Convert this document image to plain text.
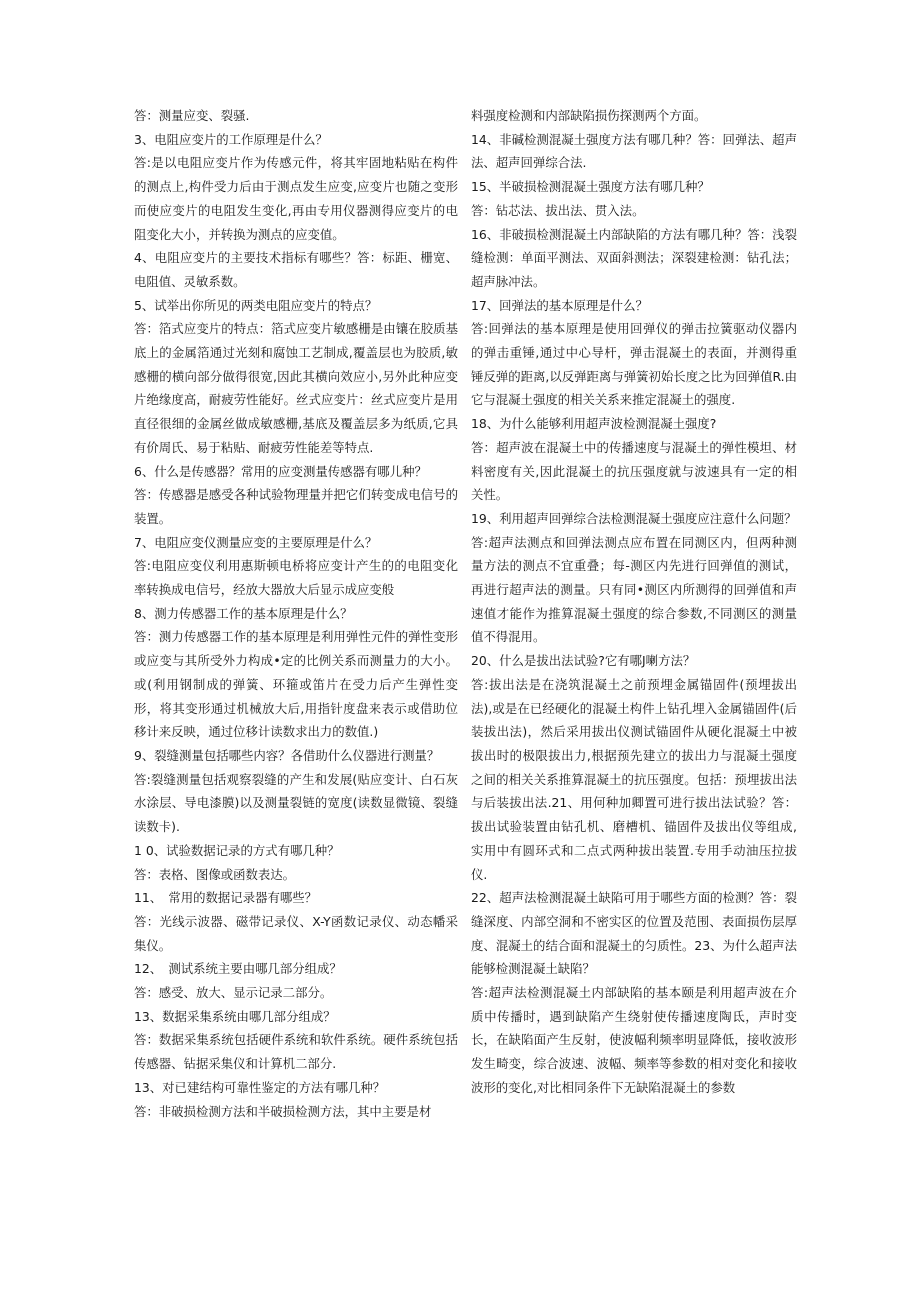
答：测量应变、裂骚.

3、电阻应变片的工作原理是什么？

答:是以电阻应变片作为传感元件，将其牢固地粘贴在构件的测点上,构件受力后由于测点发生应变,应变片也随之变形而使应变片的电阻发生变化,再由专用仪器测得应变片的电阻变化大小，并转换为测点的应变值。

4、电阻应变片的主要技术指标有哪些？答：标距、栅宽、电阻值、灵敏系数。

5、试举出你所见的两类电阻应变片的特点？

答：箔式应变片的特点：箔式应变片敏感栅是由镶在胶质基底上的金属箔通过光刻和腐蚀工艺制成,覆盖层也为胶质,敏感栅的横向部分做得很宽,因此其横向效应小,另外此种应变片绝缘度高，耐疲劳性能好。丝式应变片：丝式应变片是用直径很细的金属丝做成敏感栅,基底及覆盖层多为纸质,它具有价周氏、易于粘贴、耐疲劳性能差等特点.

6、什么是传感器？常用的应变测量传感器有哪儿种？

答：传感器是感受各种试验物理量并把它们转变成电信号的装置。

7、电阻应变仪测量应变的主要原理是什么？

答:电阻应变仪利用惠斯顿电桥将应变计产生的的电阻变化率转换成电信号，经放大器放大后显示成应变般

8、测力传感器工作的基本原理是什么？

答：测力传感器工作的基本原理是利用弹性元件的弹性变形或应变与其所受外力构成•定的比例关系而测量力的大小。或(利用钢制成的弹簧、环箍或笛片在受力后产生弹性变形，将其变形通过机械放大后,用指针度盘来表示或借助位移计来反映，通过位移计读数求出力的数值.)

9、裂缝测量包括哪些内容？各借助什么仪器进行测量？

答:裂缝测量包括观察裂缝的产生和发展(贴应变计、白石灰水涂层、导电漆膜)以及测量裂链的宽度(读数显微镜、裂缝读数卡).

1 0、试验数据记录的方式有哪几种？

答：表格、图像或函数表达。

11、　常用的数据记录器有哪些？

答：光线示波器、磁带记录仪、X-Y函数记录仪、动态幡采集仪。

12、　测试系统主要由哪几部分组成？

答：感受、放大、显示记录二部分。

13、数据采集系统由哪几部分组成？

答：数据采集系统包括硬件系统和软件系统。硬件系统包括传感器、钻据采集仪和计算机二部分.

13、对已建结构可靠性鉴定的方法有哪几种？

答：非破损检测方法和半破损检测方法，其中主要是材

料强度检测和内部缺陷损伤探测两个方面。

14、非碱检测混凝土强度方法有哪几种？答：回弹法、超声法、超声回弹综合法.

15、半破损检测混凝土强度方法有哪几种？

答：钻芯法、拔出法、贯入法。

16、非破损检测混凝土内部缺陷的方法有哪几种？答：浅裂缝检测：单面平测法、双面斜测法；深裂建检测：钻孔法；超声脉冲法。

17、回弹法的基本原理是什么？

答:回弹法的基本原理是使用回弹仪的弹击拉簧驱动仪器内的弹击重锤,通过中心导杆，弹击混凝土的表面，并测得重锤反弹的距离,以反弹距离与弹簧初始长度之比为回弹值R.由它与混凝土强度的相关关系来推定混凝土的强度.

18、为什么能够利用超声波检测混凝土强度?

答：超声波在混凝土中的传播速度与混凝土的弹性模坦、材料密度有关,因此混凝土的抗压强度就与波速具有一定的相关性。

19、利用超声回弹综合法检测混凝土强度应注意什么问题？

答:超声法测点和回弹法测点应布置在同测区内，但两种测量方法的测点不宜重叠；每-测区内先进行回弹值的测试，再进行超声法的测量。只有同•测区内所测得的回弹值和声速值才能作为推算混凝土强度的综合参数,不同测区的测量值不得混用。

20、什么是拔出法试验?它有哪J喇方法？

答:拔出法是在浇筑混凝土之前预埋金属锚固件(预埋拔出法),或是在已经硬化的混凝土构件上钻孔埋入金属锚固件(后装拔出法)，然后采用拔出仪测试锚固件从硬化混凝土中被拔出时的极限拔出力,根据预先建立的拔出力与混凝土强度之间的相关关系推算混凝土的抗压强度。包括：预埋拔出法与后装拔出法.21、用何种加卿置可进行拔出法试验？答：拔出试验装置由钻孔机、磨槽机、锚固件及拔出仪等组成,实用中有圆环式和二点式两种拔出装置.专用手动油压拉拔仪.

22、超声法检测混凝土缺陷可用于哪些方面的检测？答：裂缝深度、内部空洞和不密实区的位置及范围、表面损伤层厚度、混凝土的结合面和混凝土的匀质性。23、为什么超声法能够检测混凝土缺陷？

答:超声法检测混凝土内部缺陷的基本颐是利用超声波在介质中传播时，遇到缺陷产生绕射使传播速度陶氐，声时变长，在缺陷面产生反射，使波幅利频率明显降低，接收波形发生畸变，综合波速、波幅、频率等参数的相对变化和接收波形的变化,对比相同条件下无缺陷混凝土的参数
